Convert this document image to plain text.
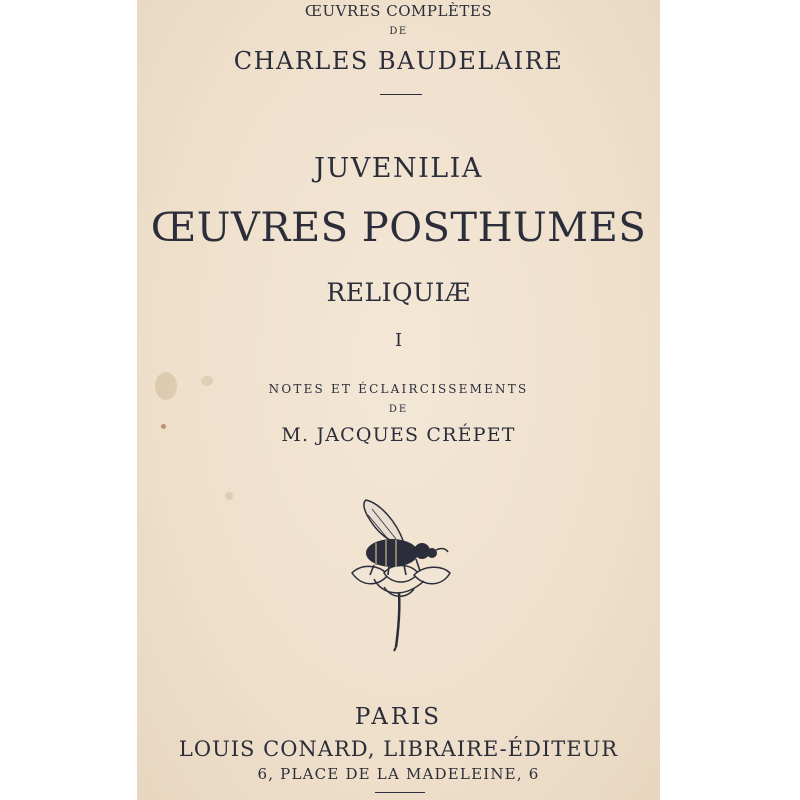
ŒUVRES COMPLÈTES

DE

CHARLES BAUDELAIRE

JUVENILIA

ŒUVRES POSTHUMES

RELIQUIÆ

I

NOTES ET ÉCLAIRCISSEMENTS

DE

M. JACQUES CRÉPET

PARIS

LOUIS CONARD, LIBRAIRE-ÉDITEUR

6, PLACE DE LA MADELEINE, 6
